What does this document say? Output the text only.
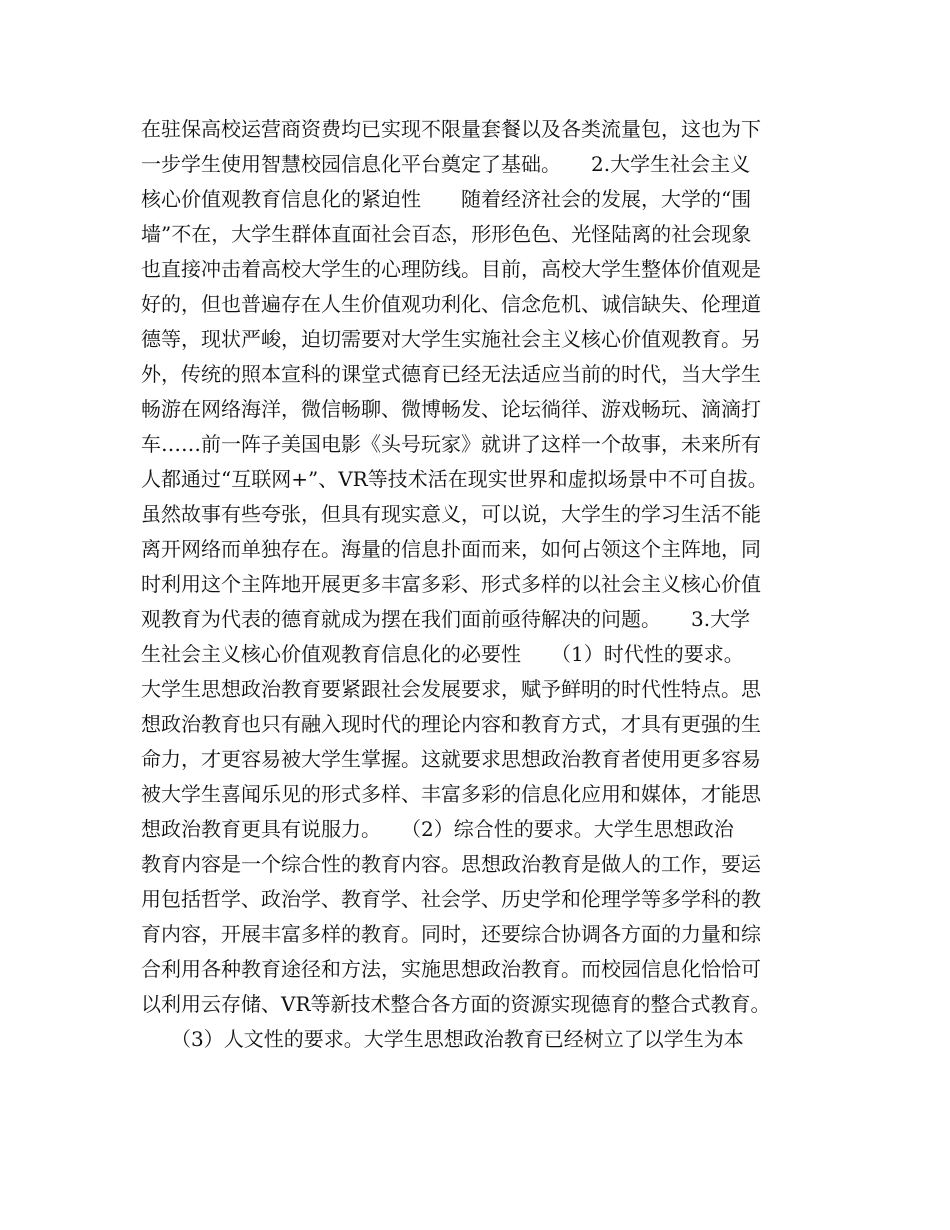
在驻保高校运营商资费均已实现不限量套餐以及各类流量包，这也为下
一步学生使用智慧校园信息化平台奠定了基础。　　2.大学生社会主义
核心价值观教育信息化的紧迫性　　随着经济社会的发展，大学的“围
墙”不在，大学生群体直面社会百态，形形色色、光怪陆离的社会现象
也直接冲击着高校大学生的心理防线。目前，高校大学生整体价值观是
好的，但也普遍存在人生价值观功利化、信念危机、诚信缺失、伦理道
德等，现状严峻，迫切需要对大学生实施社会主义核心价值观教育。另
外，传统的照本宣科的课堂式德育已经无法适应当前的时代，当大学生
畅游在网络海洋，微信畅聊、微博畅发、论坛徜徉、游戏畅玩、滴滴打
车……前一阵子美国电影《头号玩家》就讲了这样一个故事，未来所有
人都通过“互联网+”、VR等技术活在现实世界和虚拟场景中不可自拔。
虽然故事有些夸张，但具有现实意义，可以说，大学生的学习生活不能
离开网络而单独存在。海量的信息扑面而来，如何占领这个主阵地，同
时利用这个主阵地开展更多丰富多彩、形式多样的以社会主义核心价值
观教育为代表的德育就成为摆在我们面前亟待解决的问题。　　3.大学
生社会主义核心价值观教育信息化的必要性　　（1）时代性的要求。
大学生思想政治教育要紧跟社会发展要求，赋予鲜明的时代性特点。思
想政治教育也只有融入现时代的理论内容和教育方式，才具有更强的生
命力，才更容易被大学生掌握。这就要求思想政治教育者使用更多容易
被大学生喜闻乐见的形式多样、丰富多彩的信息化应用和媒体，才能思
想政治教育更具有说服力。　　（2）综合性的要求。大学生思想政治
教育内容是一个综合性的教育内容。思想政治教育是做人的工作，要运
用包括哲学、政治学、教育学、社会学、历史学和伦理学等多学科的教
育内容，开展丰富多样的教育。同时，还要综合协调各方面的力量和综
合利用各种教育途径和方法，实施思想政治教育。而校园信息化恰恰可
以利用云存储、VR等新技术整合各方面的资源实现德育的整合式教育。
　　（3）人文性的要求。大学生思想政治教育已经树立了以学生为本
